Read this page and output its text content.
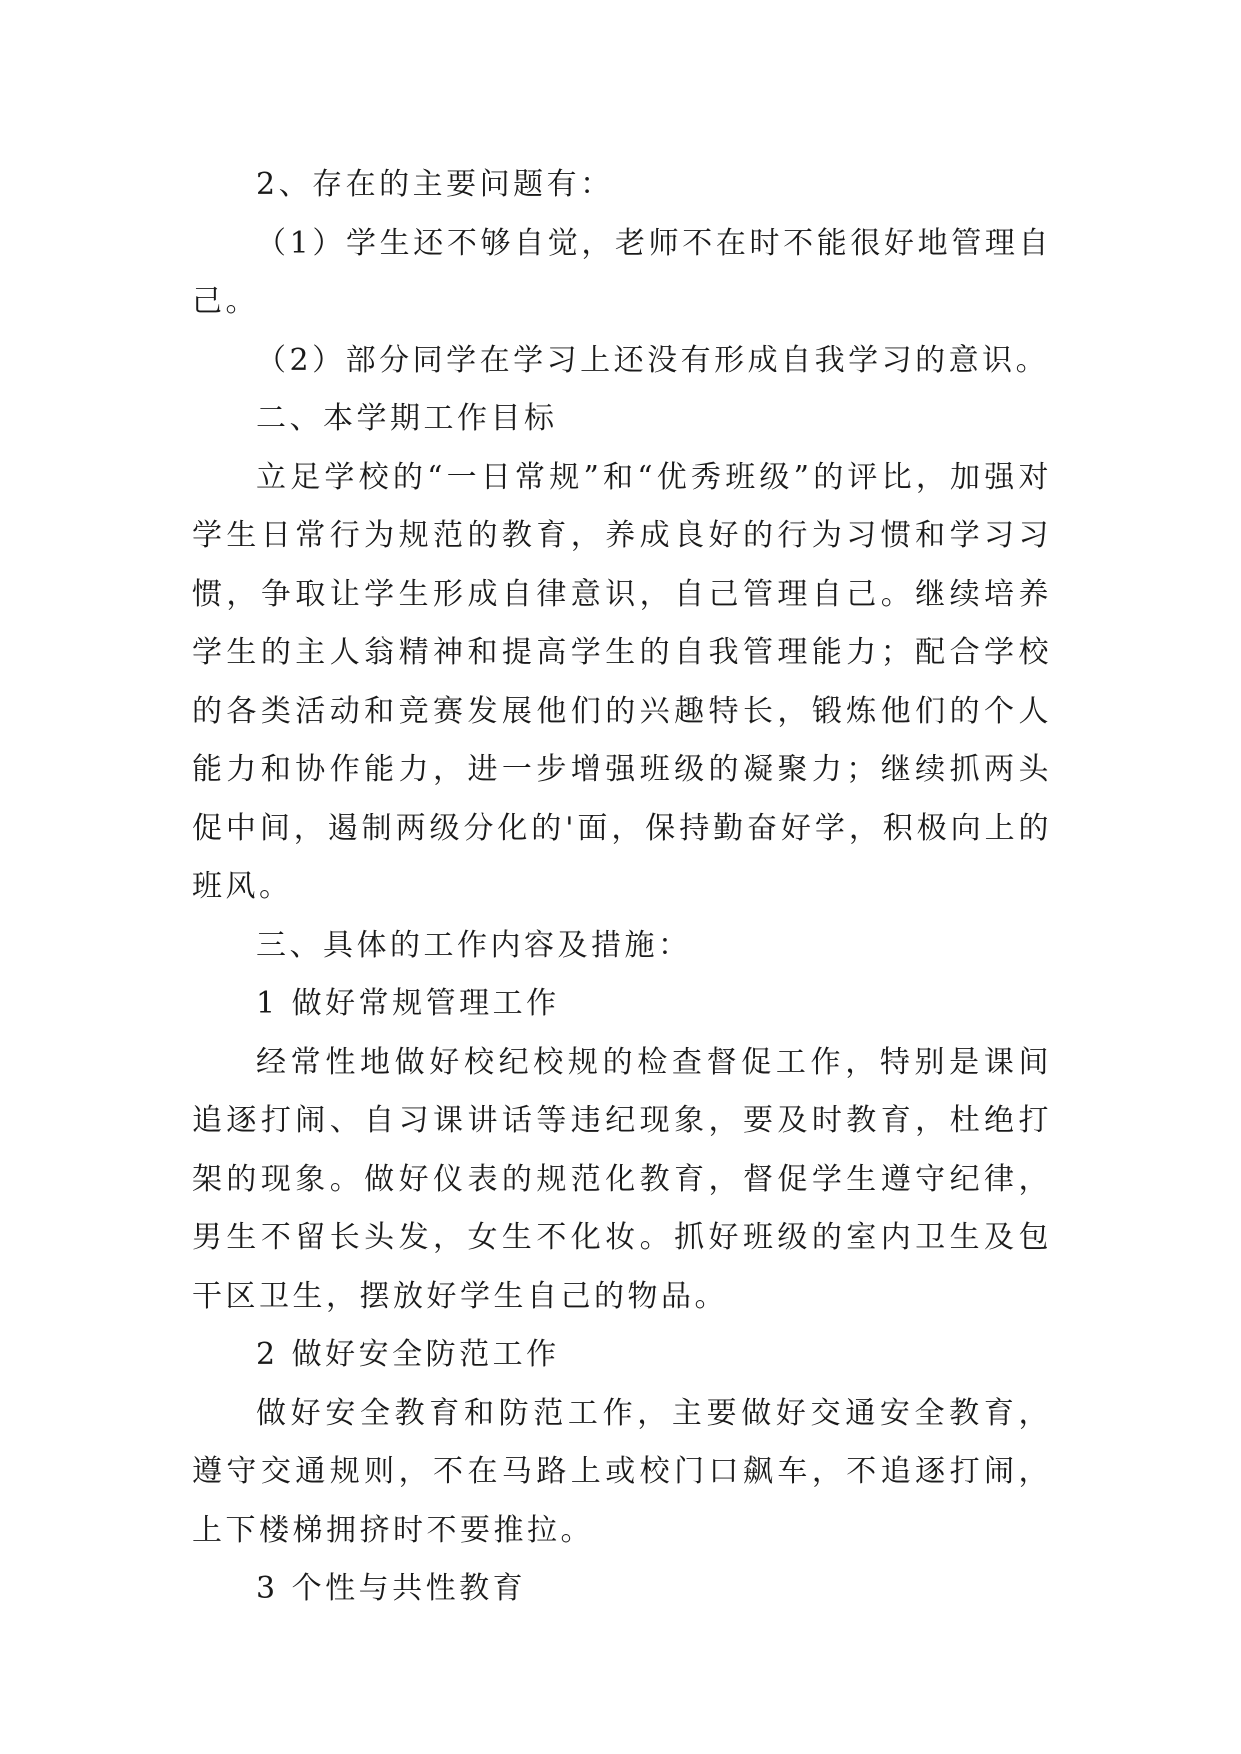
2、存在的主要问题有：

（1）学生还不够自觉，老师不在时不能很好地管理自己。

（2）部分同学在学习上还没有形成自我学习的意识。

二、本学期工作目标

立足学校的“一日常规”和“优秀班级”的评比，加强对学生日常行为规范的教育，养成良好的行为习惯和学习习惯，争取让学生形成自律意识，自己管理自己。继续培养学生的主人翁精神和提高学生的自我管理能力；配合学校的各类活动和竞赛发展他们的兴趣特长，锻炼他们的个人能力和协作能力，进一步增强班级的凝聚力；继续抓两头促中间，遏制两级分化的'面，保持勤奋好学，积极向上的班风。

三、具体的工作内容及措施：

1 做好常规管理工作

经常性地做好校纪校规的检查督促工作，特别是课间追逐打闹、自习课讲话等违纪现象，要及时教育，杜绝打架的现象。做好仪表的规范化教育，督促学生遵守纪律，男生不留长头发，女生不化妆。抓好班级的室内卫生及包干区卫生，摆放好学生自己的物品。

2 做好安全防范工作

做好安全教育和防范工作，主要做好交通安全教育，遵守交通规则，不在马路上或校门口飙车，不追逐打闹，上下楼梯拥挤时不要推拉。

3 个性与共性教育
